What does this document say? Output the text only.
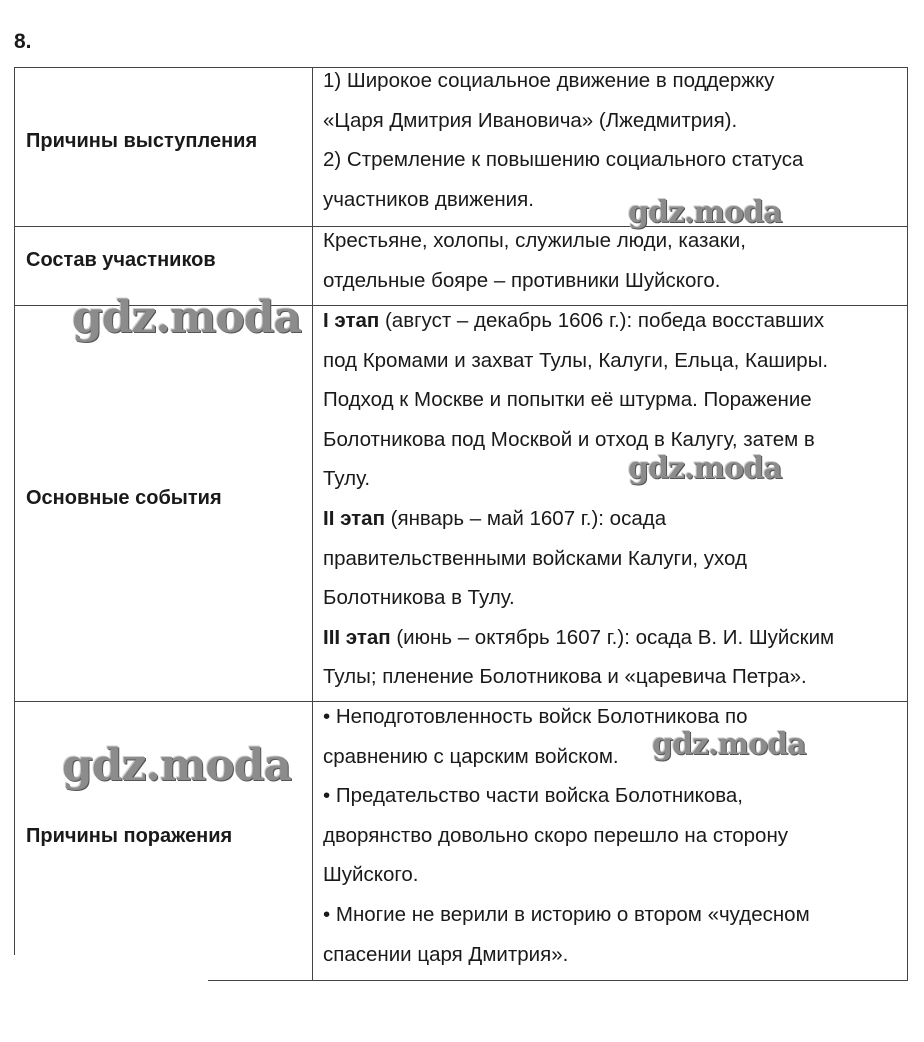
8.
Причины выступления

1) Широкое социальное движение в поддержку

«Царя Дмитрия Ивановича» (Лжедмитрия).

2) Стремление к повышению социального статуса

участников движения.

Состав участников

Крестьяне, холопы, служилые люди, казаки,

отдельные бояре – противники Шуйского.

Основные события

I этап (август – декабрь 1606 г.): победа восставших

под Кромами и захват Тулы, Калуги, Ельца, Каширы.

Подход к Москве и попытки её штурма. Поражение

Болотникова под Москвой и отход в Калугу, затем в

Тулу.

II этап (январь – май 1607 г.): осада

правительственными войсками Калуги, уход

Болотникова в Тулу.

III этап (июнь – октябрь 1607 г.): осада В. И. Шуйским

Тулы; пленение Болотникова и «царевича Петра».

Причины поражения

• Неподготовленность войск Болотникова по

сравнению с царским войском.

• Предательство части войска Болотникова,

дворянство довольно скоро перешло на сторону

Шуйского.

• Многие не верили в историю о втором «чудесном

спасении царя Дмитрия».

gdz.moda
gdz.moda
gdz.moda
gdz.moda
gdz.moda
